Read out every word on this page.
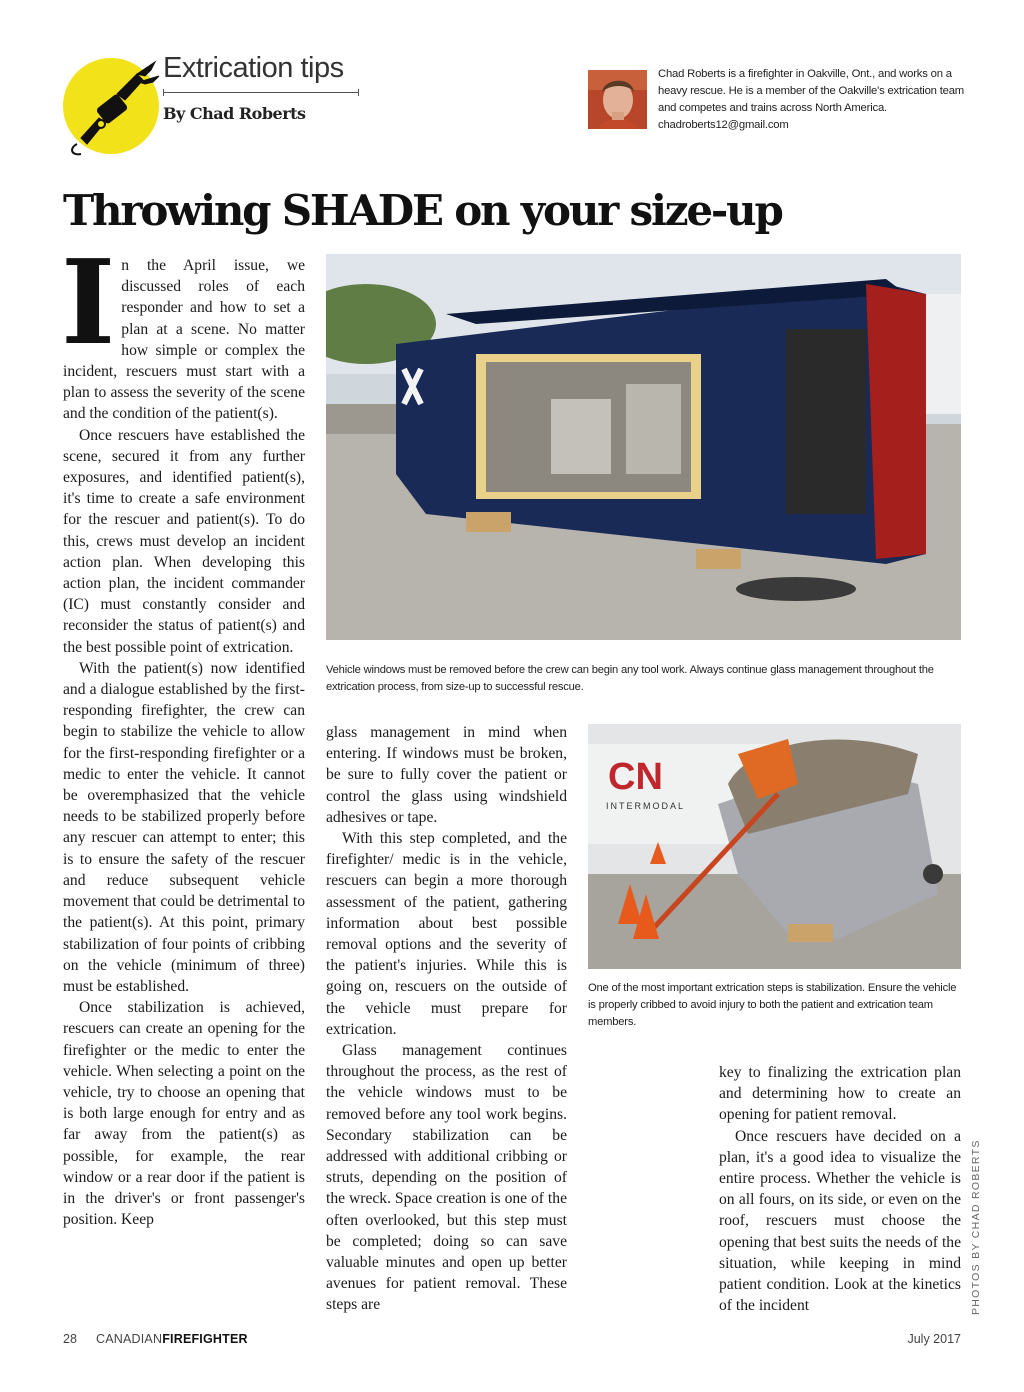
Extrication tips
By Chad Roberts
Chad Roberts is a firefighter in Oakville, Ont., and works on a heavy rescue. He is a member of the Oakville's extrication team and competes and trains across North America. chadroberts12@gmail.com
Throwing SHADE on your size-up

In the April issue, we discussed roles of each responder and how to set a plan at a scene. No matter how simple or complex the incident, rescuers must start with a plan to assess the severity of the scene and the condition of the patient(s).

Once rescuers have established the scene, secured it from any further exposures, and identified patient(s), it's time to create a safe environment for the rescuer and patient(s). To do this, crews must develop an incident action plan. When developing this action plan, the incident commander (IC) must constantly consider and reconsider the status of patient(s) and the best possible point of extrication.

With the patient(s) now identified and a dialogue established by the first-responding firefighter, the crew can begin to stabilize the vehicle to allow for the first-responding firefighter or a medic to enter the vehicle. It cannot be overemphasized that the vehicle needs to be stabilized properly before any rescuer can attempt to enter; this is to ensure the safety of the rescuer and reduce subsequent vehicle movement that could be detrimental to the patient(s). At this point, primary stabilization of four points of cribbing on the vehicle (minimum of three) must be established.

Once stabilization is achieved, rescuers can create an opening for the firefighter or the medic to enter the vehicle. When selecting a point on the vehicle, try to choose an opening that is both large enough for entry and as far away from the patient(s) as possible, for example, the rear window or a rear door if the patient is in the driver's or front passenger's position. Keep

Vehicle windows must be removed before the crew can begin any tool work. Always continue glass management throughout the extrication process, from size-up to successful rescue.

glass management in mind when entering. If windows must be broken, be sure to fully cover the patient or control the glass using windshield adhesives or tape.

With this step completed, and the firefighter/ medic is in the vehicle, rescuers can begin a more thorough assessment of the patient, gathering information about best possible removal options and the severity of the patient's injuries. While this is going on, rescuers on the outside of the vehicle must prepare for extrication.

Glass management continues throughout the process, as the rest of the vehicle windows must to be removed before any tool work begins. Secondary stabilization can be addressed with additional cribbing or struts, depending on the position of the wreck. Space creation is one of the often overlooked, but this step must be completed; doing so can save valuable minutes and open up better avenues for patient removal. These steps are

CN
INTERMODAL
One of the most important extrication steps is stabilization. Ensure the vehicle is properly cribbed to avoid injury to both the patient and extrication team members.

key to finalizing the extrication plan and determining how to create an opening for patient removal.

Once rescuers have decided on a plan, it's a good idea to visualize the entire process. Whether the vehicle is on all fours, on its side, or even on the roof, rescuers must choose the opening that best suits the needs of the situation, while keeping in mind patient condition. Look at the kinetics of the incident	PHOTOS BY CHAD ROBERTS
28 CANADIANFIREFIGHTER	July 2017
